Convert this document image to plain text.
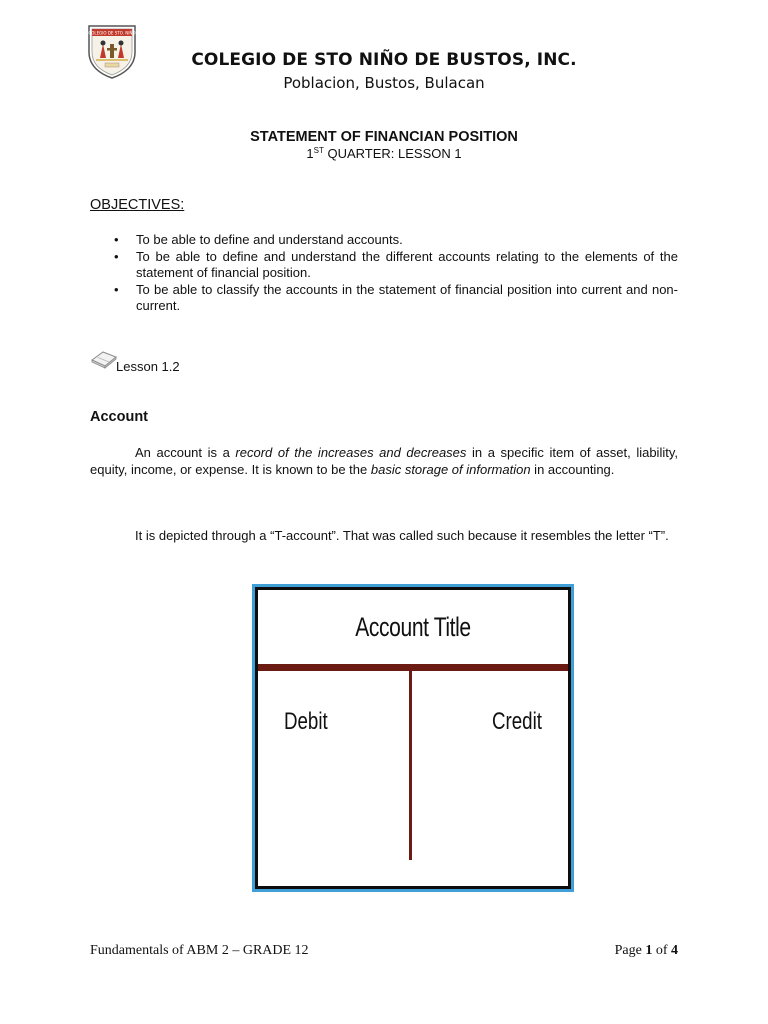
COLEGIO DE STO. NIÑO
COLEGIO DE STO NIÑO DE BUSTOS, INC.
Poblacion, Bustos, Bulacan
STATEMENT OF FINANCIAN POSITION
1ST QUARTER: LESSON 1
OBJECTIVES:
• To be able to define and understand accounts.
• To be able to define and understand the different accounts relating to the elements of the statement of financial position.
• To be able to classify the accounts in the statement of financial position into current and non-current.
Lesson 1.2
Account

An account is a record of the increases and decreases in a specific item of asset, liability, equity, income, or expense. It is known to be the basic storage of information in accounting.

It is depicted through a “T-account”. That was called such because it resembles the letter “T”.

Account Title
Debit	Credit
Fundamentals of ABM 2 – GRADE 12	Page 1 of 4
